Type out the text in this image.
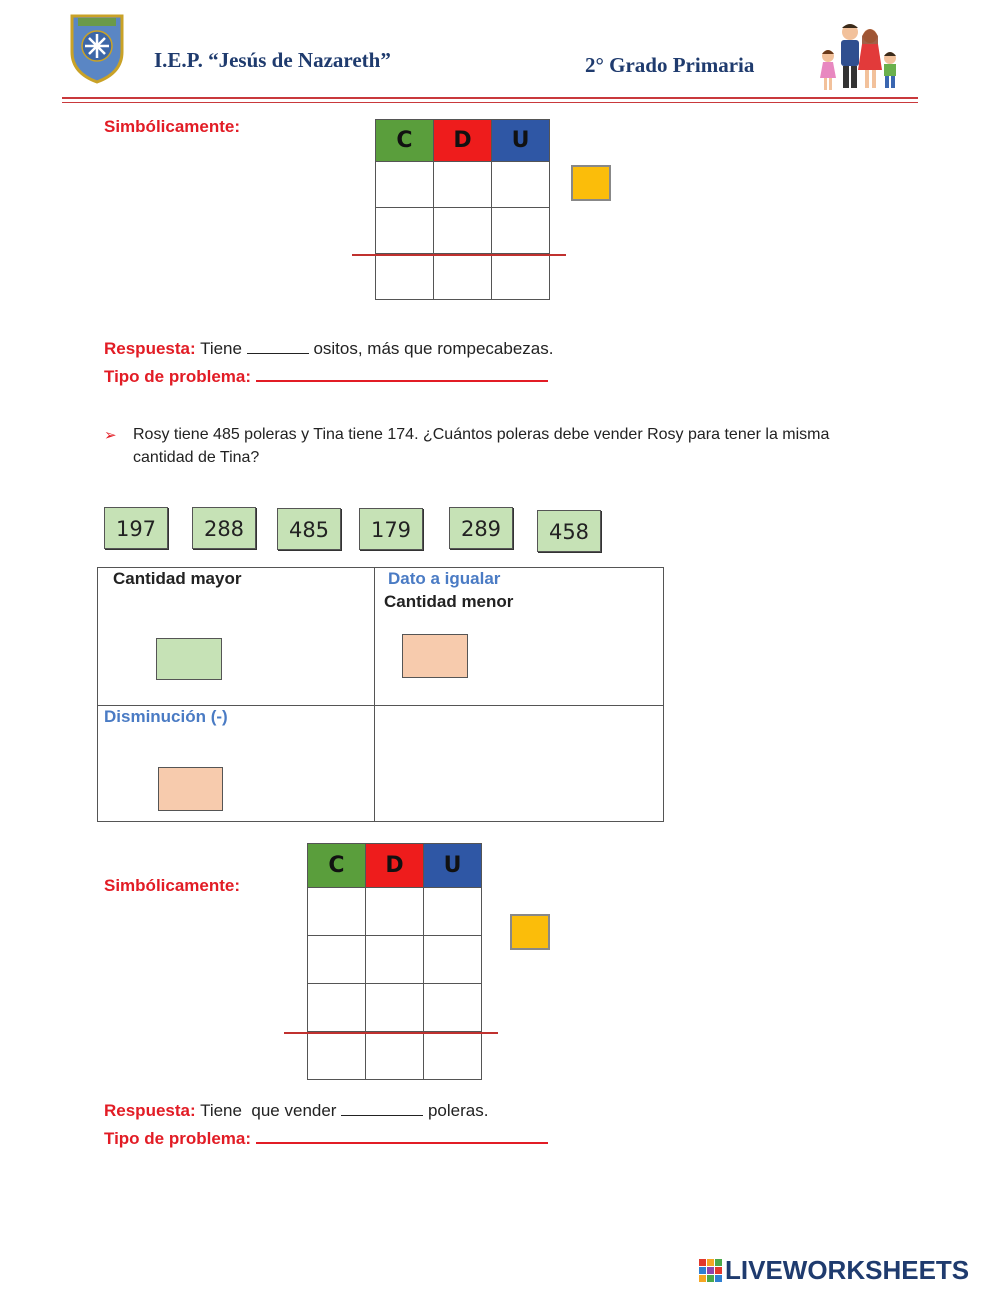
I.E.P. “Jesús de Nazareth”	2° Grado Primaria
Simbólicamente:
C	D	U

Respuesta: Tiene	ositos, más que rompecabezas.
Tipo de problema:
➢ Rosy tiene 485 poleras y Tina tiene 174. ¿Cuántos poleras debe vender Rosy para tener la misma cantidad de Tina?
197	288	485	179	289	458
Cantidad mayor	Dato a igualar
Cantidad menor
Disminución (-)
Simbólicamente:
C	D	U

Respuesta: Tiene  que vender	poleras.
Tipo de problema:
LIVEWORKSHEETS
